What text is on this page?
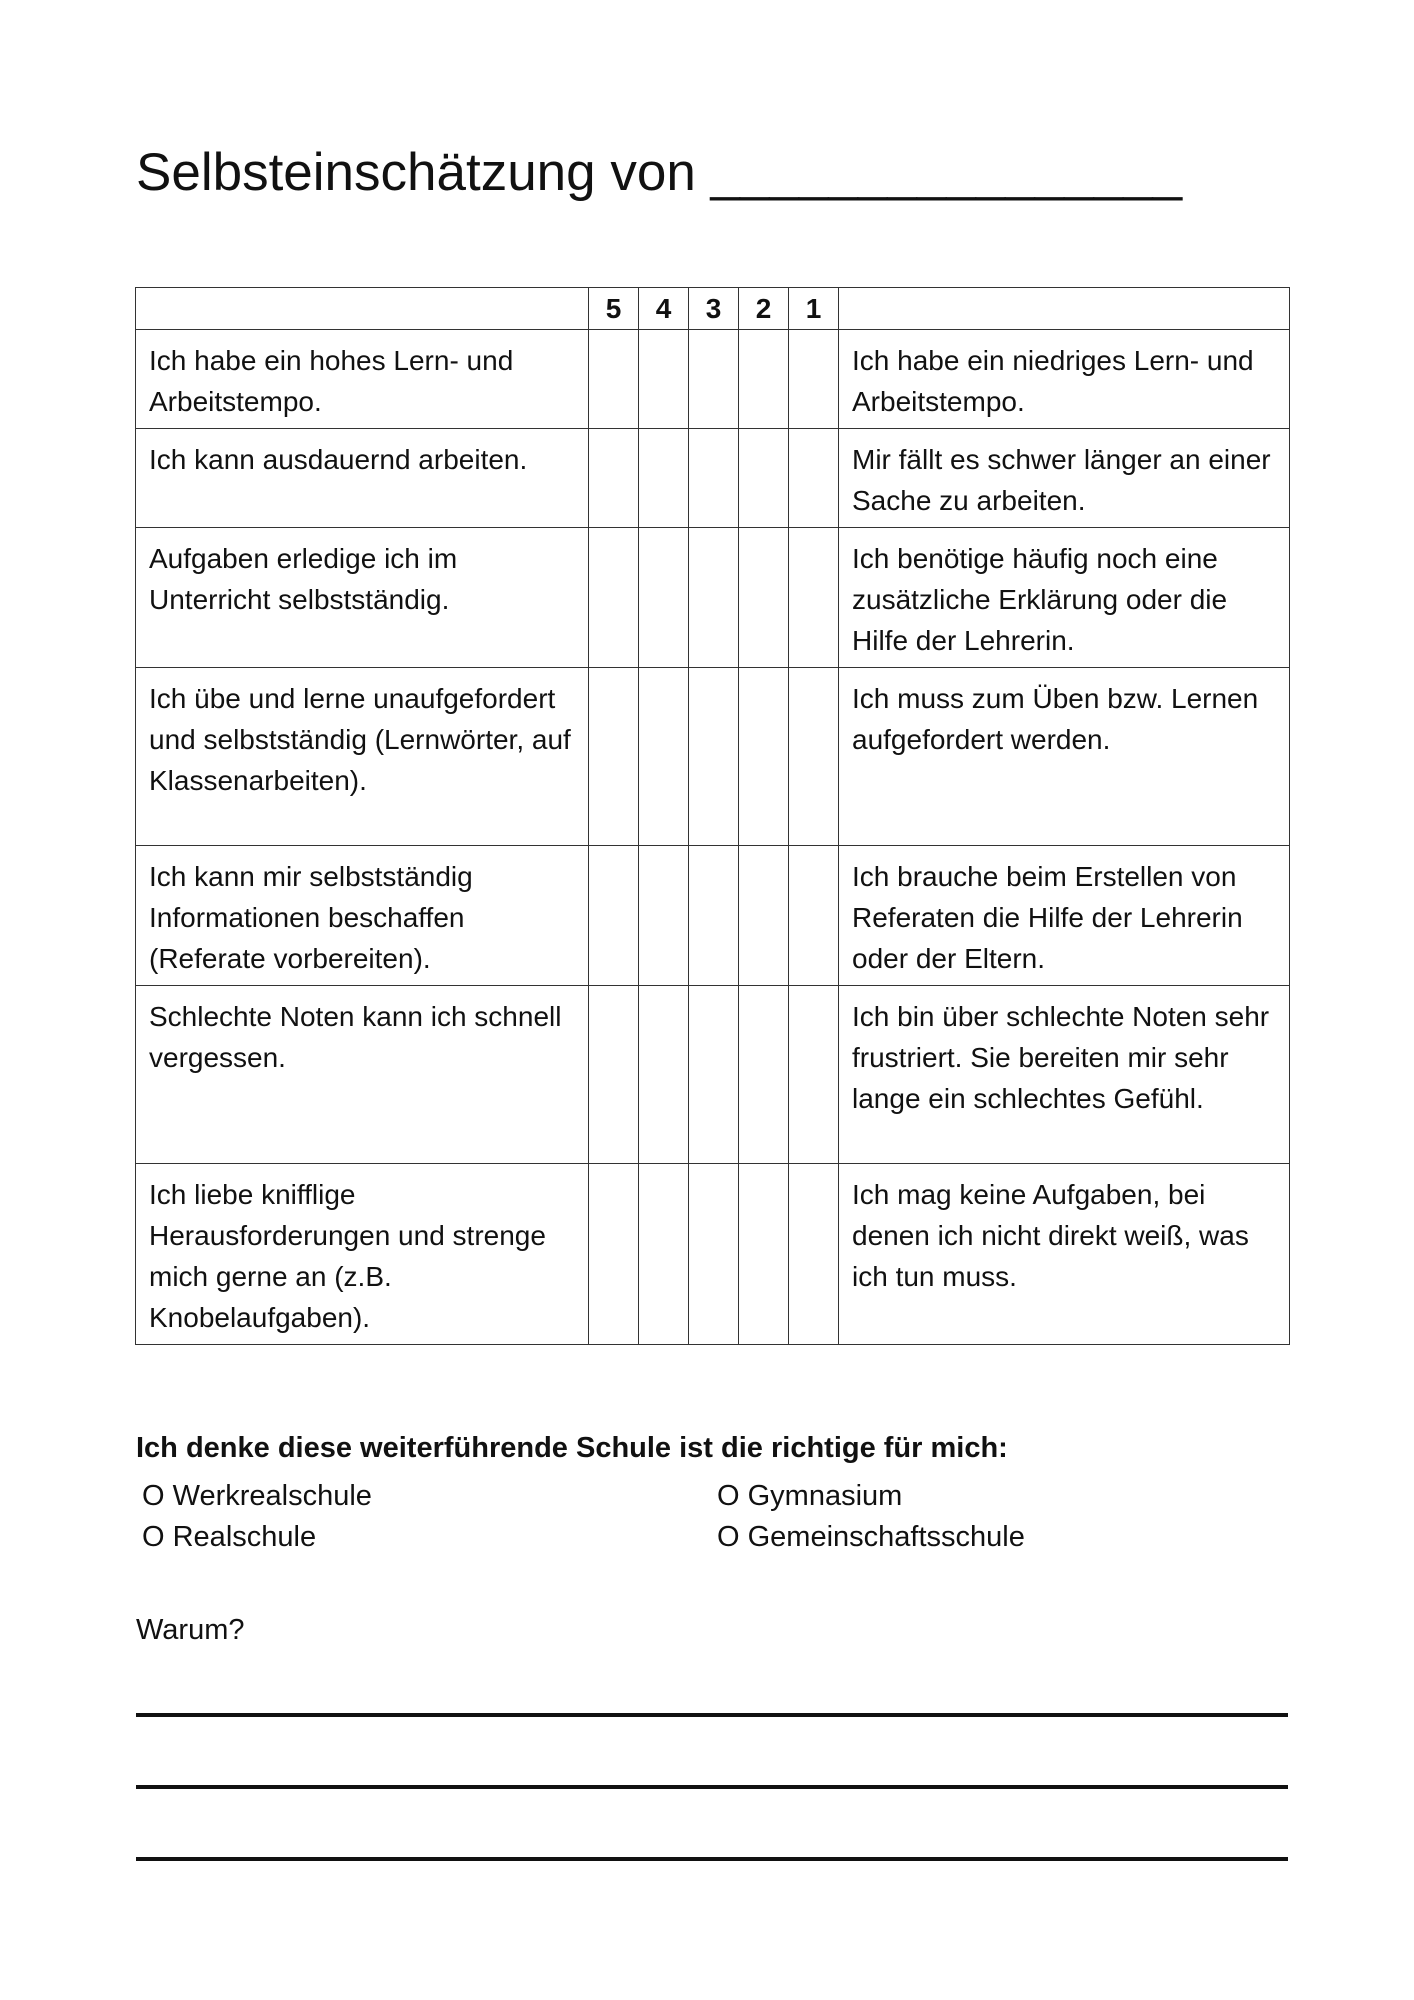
Selbsteinschätzung von ________________
	5	4	3	2	1	
Ich habe ein hohes Lern- und Arbeitstempo.						Ich habe ein niedriges Lern- und Arbeitstempo.
Ich kann ausdauernd arbeiten.						Mir fällt es schwer länger an einer Sache zu arbeiten.
Aufgaben erledige ich im Unterricht selbstständig.						Ich benötige häufig noch eine zusätzliche Erklärung oder die Hilfe der Lehrerin.
Ich übe und lerne unaufgefordert und selbstständig (Lernwörter, auf Klassenarbeiten).						Ich muss zum Üben bzw. Lernen aufgefordert werden.
Ich kann mir selbstständig Informationen beschaffen (Referate vorbereiten).						Ich brauche beim Erstellen von Referaten die Hilfe der Lehrerin oder der Eltern.
Schlechte Noten kann ich schnell vergessen.						Ich bin über schlechte Noten sehr frustriert. Sie bereiten mir sehr lange ein schlechtes Gefühl.
Ich liebe knifflige Herausforderungen und strenge mich gerne an (z.B. Knobelaufgaben).						Ich mag keine Aufgaben, bei denen ich nicht direkt weiß, was ich tun muss.
Ich denke diese weiterführende Schule ist die richtige für mich:
O Werkrealschule
O Realschule
O Gymnasium
O Gemeinschaftsschule
Warum?
